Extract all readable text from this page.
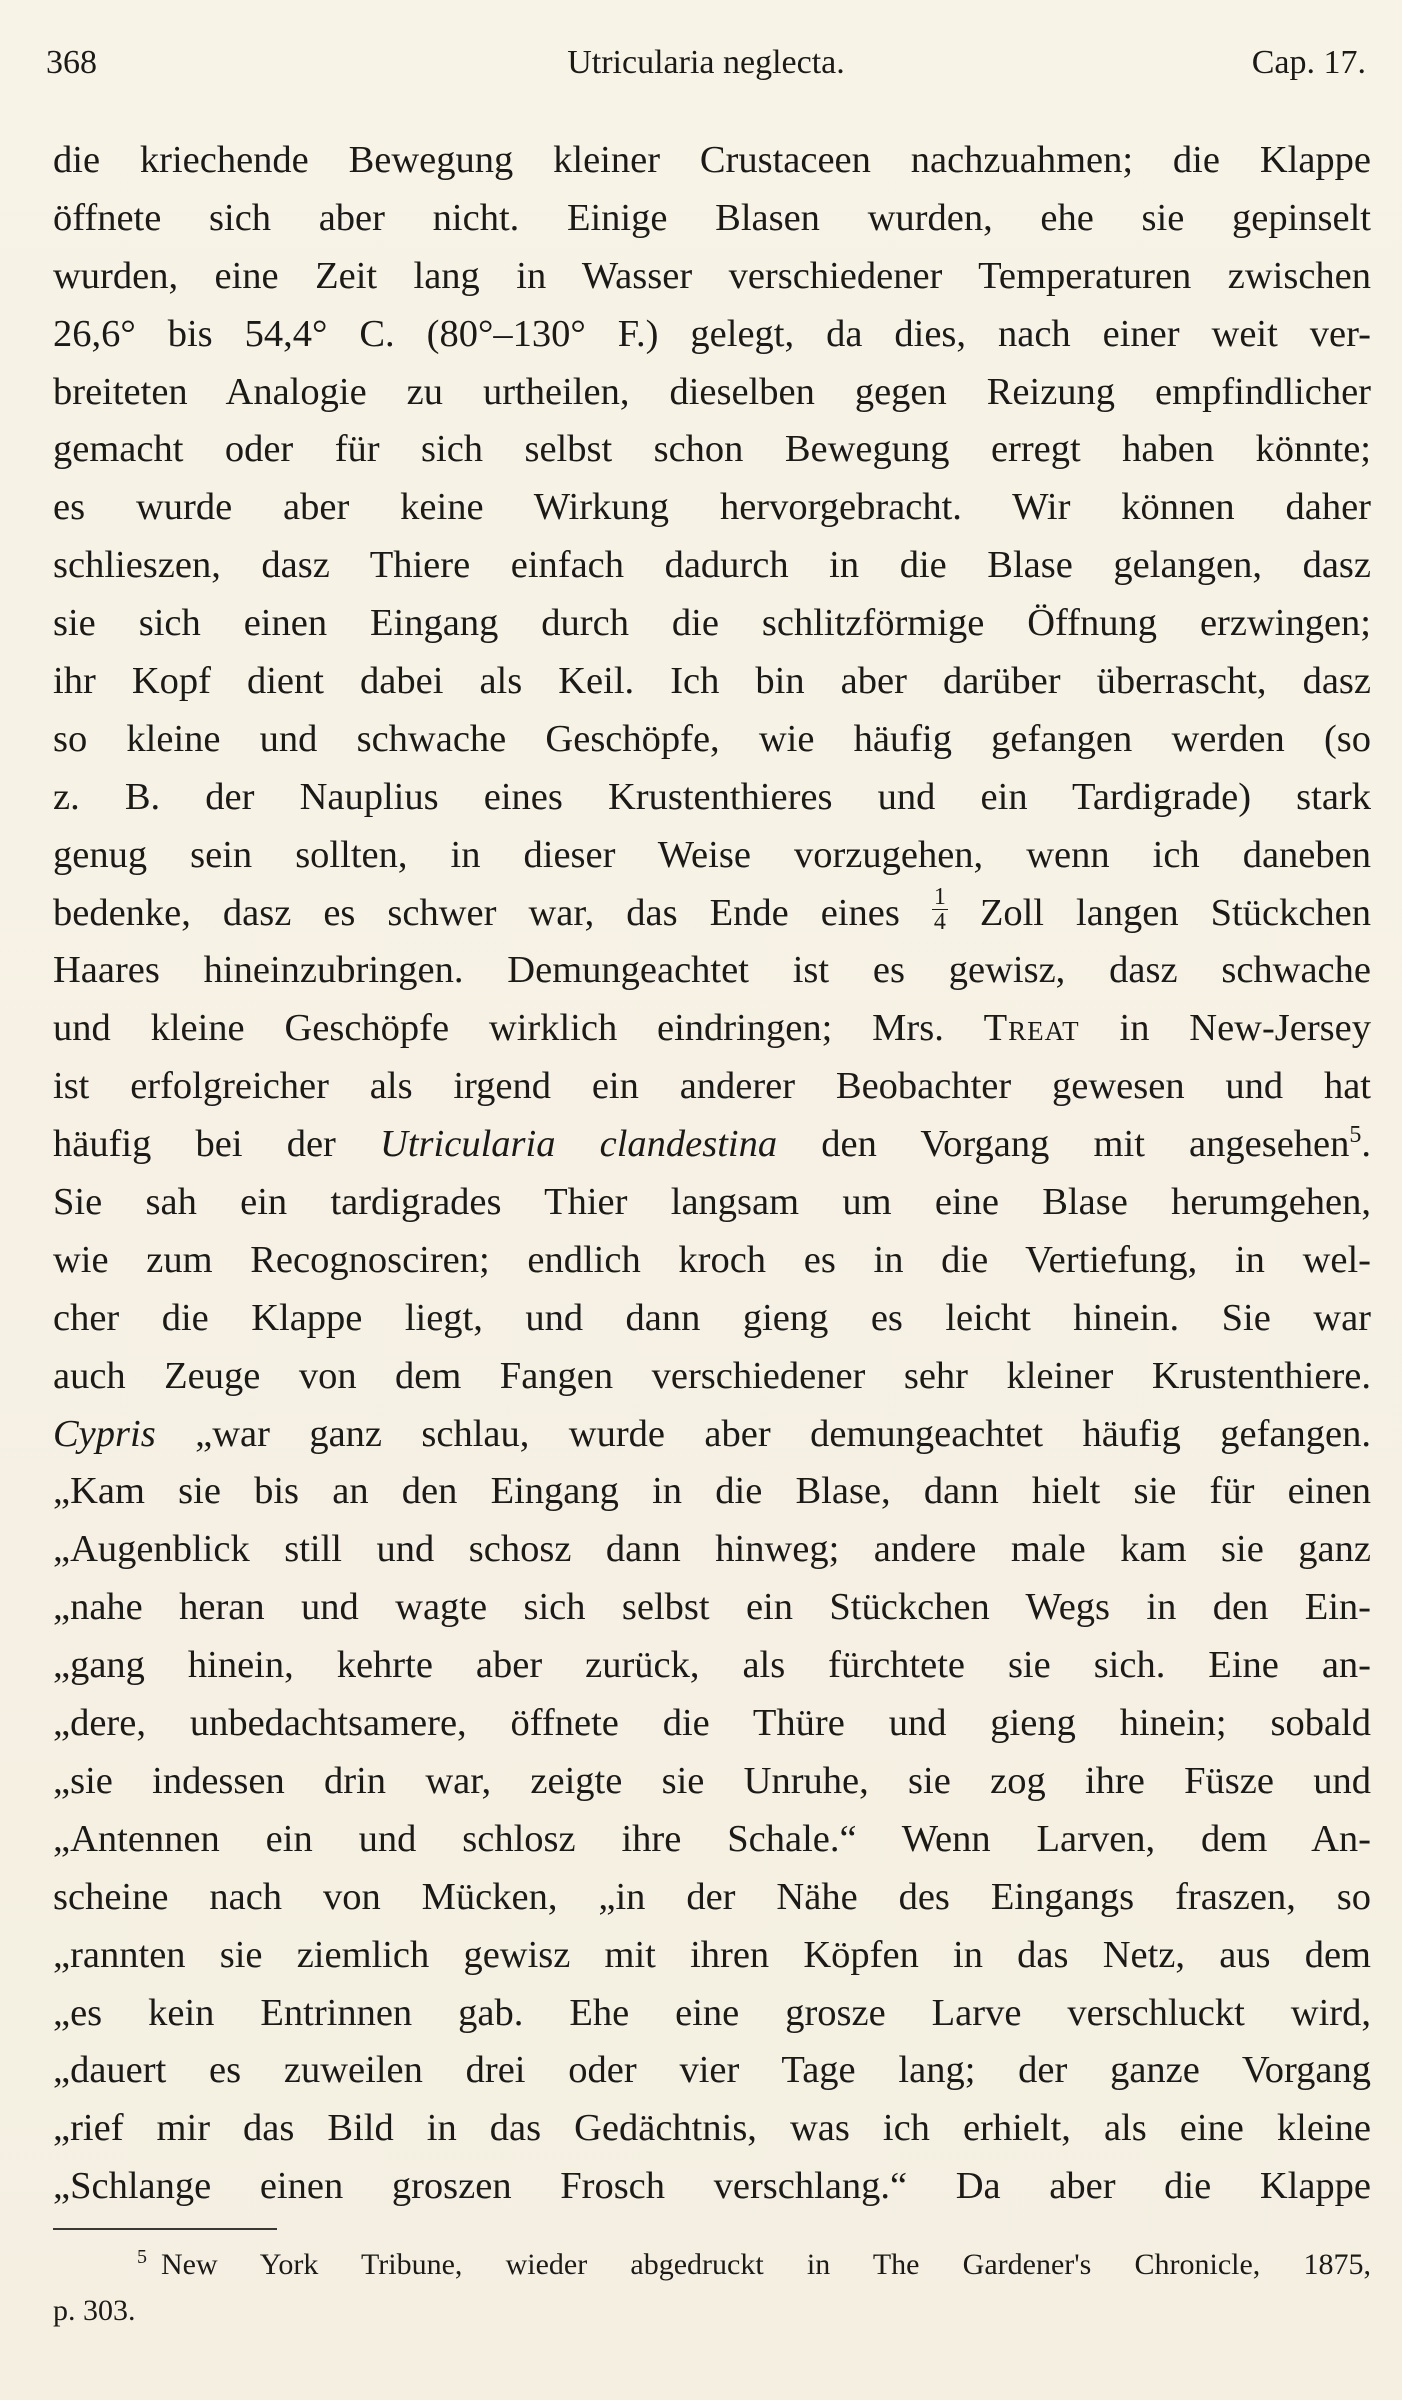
368	Utricularia neglecta.	Cap. 17.
die kriechende Bewegung kleiner Crustaceen nachzuahmen; die Klappe
öffnete sich aber nicht. Einige Blasen wurden, ehe sie gepinselt
wurden, eine Zeit lang in Wasser verschiedener Temperaturen zwischen
26,6° bis 54,4° C. (80°–130° F.) gelegt, da dies, nach einer weit ver-
breiteten Analogie zu urtheilen, dieselben gegen Reizung empfindlicher
gemacht oder für sich selbst schon Bewegung erregt haben könnte;
es wurde aber keine Wirkung hervorgebracht. Wir können daher
schlieszen, dasz Thiere einfach dadurch in die Blase gelangen, dasz
sie sich einen Eingang durch die schlitzförmige Öffnung erzwingen;
ihr Kopf dient dabei als Keil. Ich bin aber darüber überrascht, dasz
so kleine und schwache Geschöpfe, wie häufig gefangen werden (so
z. B. der Nauplius eines Krustenthieres und ein Tardigrade) stark
genug sein sollten, in dieser Weise vorzugehen, wenn ich daneben
bedenke, dasz es schwer war, das Ende eines $\frac{1}{4}$ Zoll langen Stückchen
Haares hineinzubringen. Demungeachtet ist es gewisz, dasz schwache
und kleine Geschöpfe wirklich eindringen; Mrs. Treat in New-Jersey
ist erfolgreicher als irgend ein anderer Beobachter gewesen und hat
häufig bei der Utricularia clandestina den Vorgang mit angesehen$^5$.
Sie sah ein tardigrades Thier langsam um eine Blase herumgehen,
wie zum Recognosciren; endlich kroch es in die Vertiefung, in wel-
cher die Klappe liegt, und dann gieng es leicht hinein. Sie war
auch Zeuge von dem Fangen verschiedener sehr kleiner Krustenthiere.
Cypris „war ganz schlau, wurde aber demungeachtet häufig gefangen.
„Kam sie bis an den Eingang in die Blase, dann hielt sie für einen
„Augenblick still und schosz dann hinweg; andere male kam sie ganz
„nahe heran und wagte sich selbst ein Stückchen Wegs in den Ein-
„gang hinein, kehrte aber zurück, als fürchtete sie sich. Eine an-
„dere, unbedachtsamere, öffnete die Thüre und gieng hinein; sobald
„sie indessen drin war, zeigte sie Unruhe, sie zog ihre Füsze und
„Antennen ein und schlosz ihre Schale.“ Wenn Larven, dem An-
scheine nach von Mücken, „in der Nähe des Eingangs fraszen, so
„rannten sie ziemlich gewisz mit ihren Köpfen in das Netz, aus dem
„es kein Entrinnen gab. Ehe eine grosze Larve verschluckt wird,
„dauert es zuweilen drei oder vier Tage lang; der ganze Vorgang
„rief mir das Bild in das Gedächtnis, was ich erhielt, als eine kleine
„Schlange einen groszen Frosch verschlang.“ Da aber die Klappe
$^5$ New York Tribune, wieder abgedruckt in The Gardener's Chronicle, 1875,
p. 303.
